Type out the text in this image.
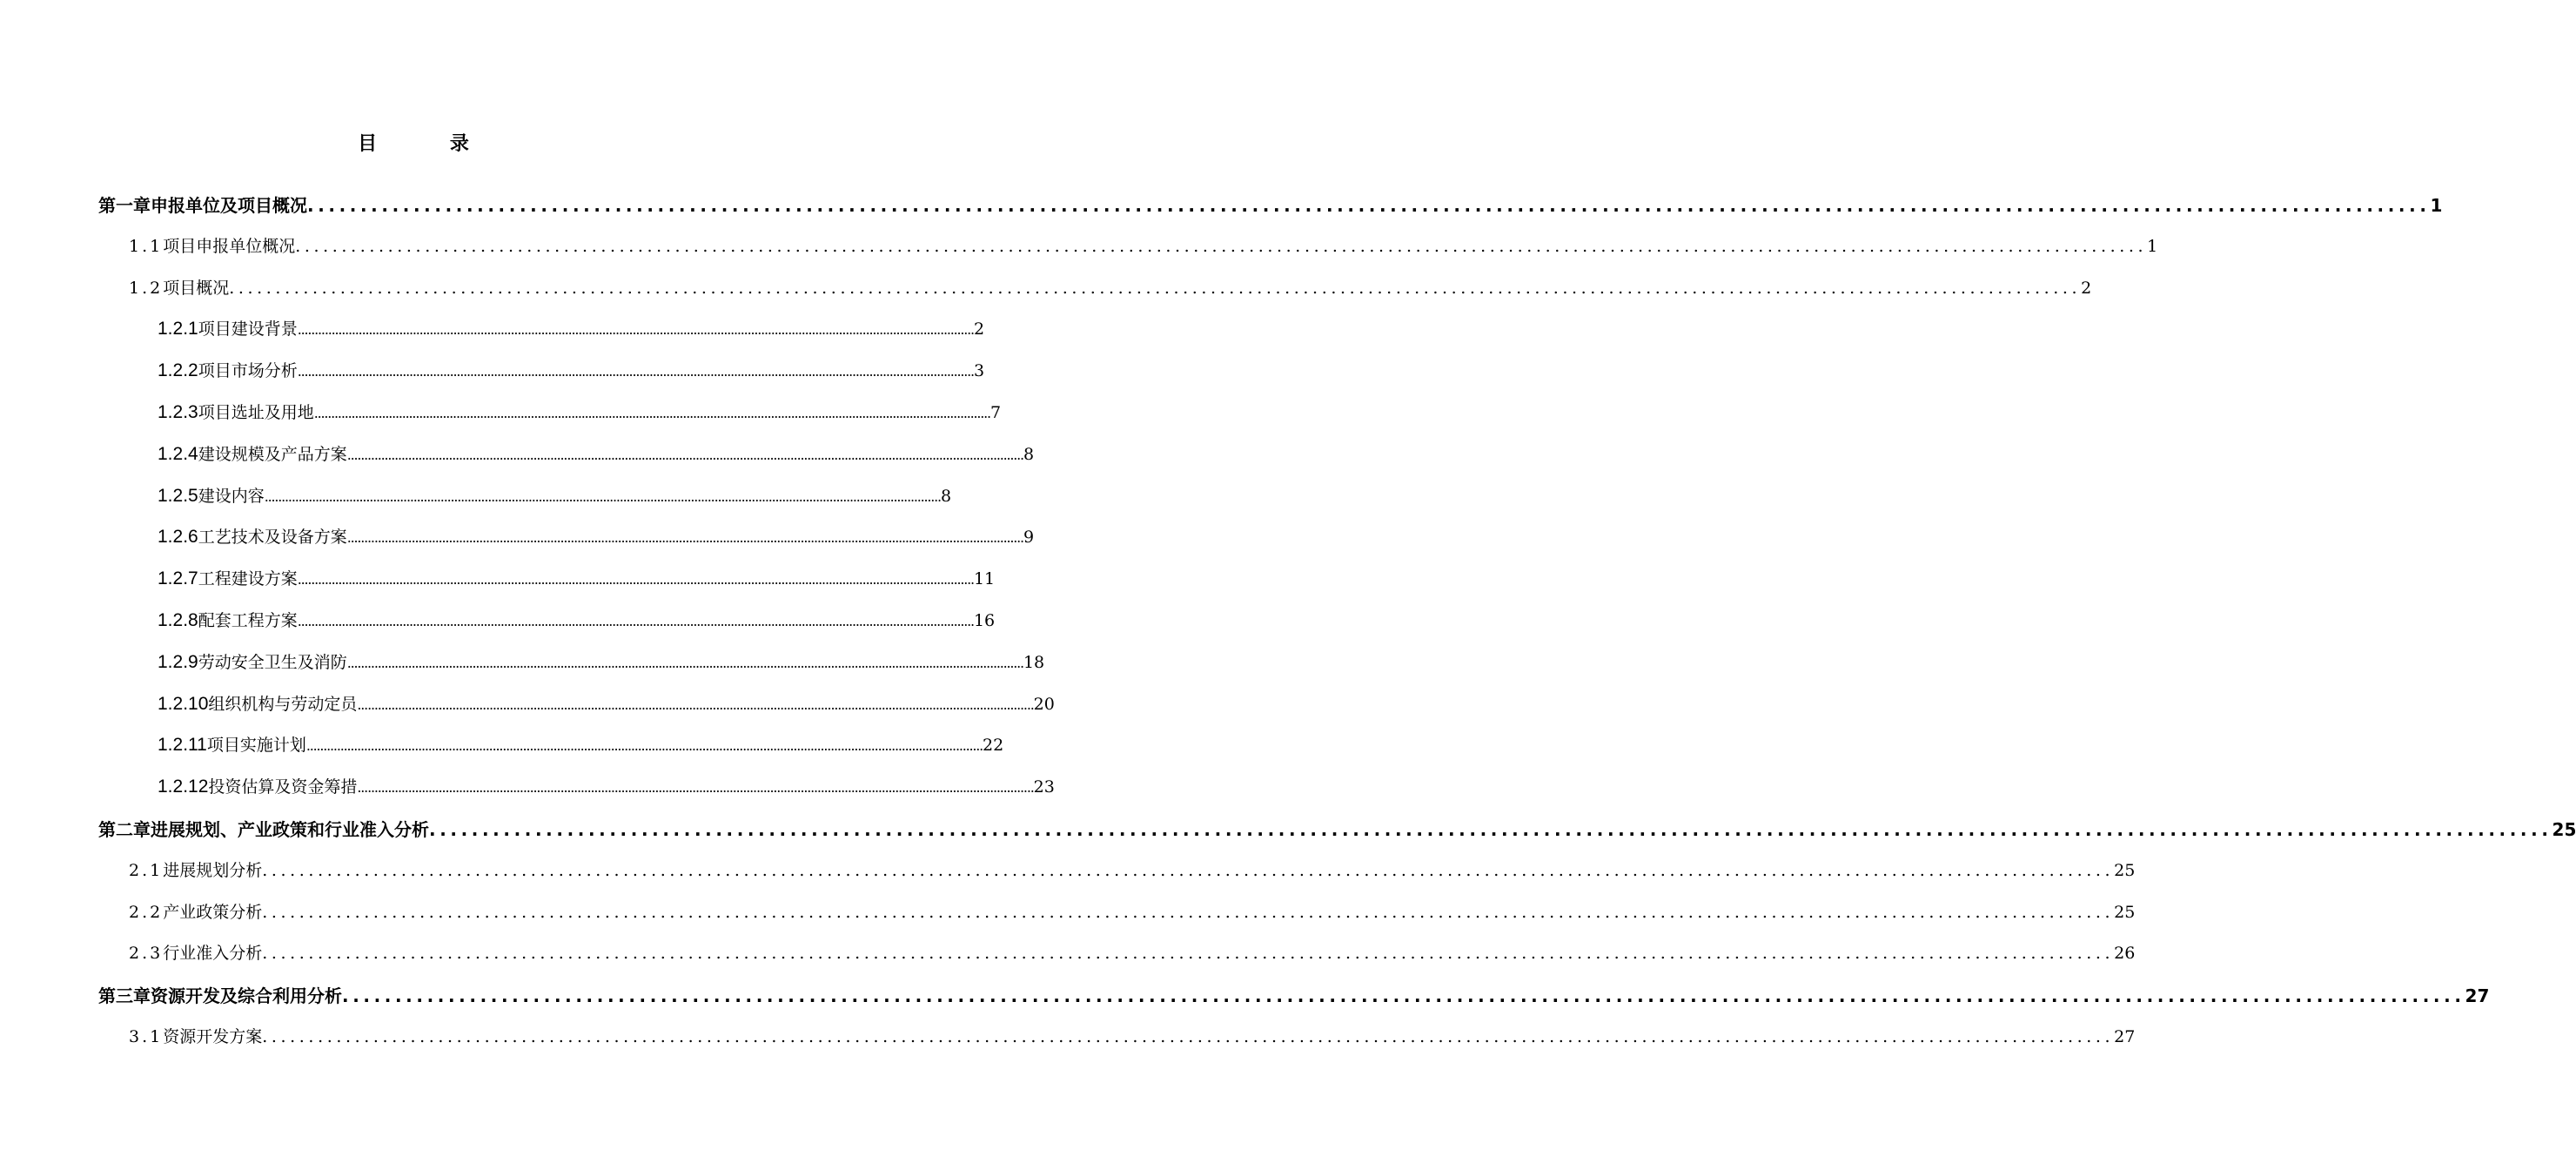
目 录
第一章 申报单位及项目概况 ........................................................................................................................................................................................................ 1
1.1 项目申报单位概况 ........................................................................................................................................................................................................ 1
1.2 项目概况 ........................................................................................................................................................................................................ 2
1.2.1 项目建设背景 ........................................................................................................................................................................................................ 2
1.2.2 项目市场分析 ........................................................................................................................................................................................................ 3
1.2.3 项目选址及用地 ........................................................................................................................................................................................................ 7
1.2.4 建设规模及产品方案 ........................................................................................................................................................................................................ 8
1.2.5 建设内容 ........................................................................................................................................................................................................ 8
1.2.6 工艺技术及设备方案 ........................................................................................................................................................................................................ 9
1.2.7 工程建设方案 ........................................................................................................................................................................................................ 11
1.2.8 配套工程方案 ........................................................................................................................................................................................................ 16
1.2.9 劳动安全卫生及消防 ........................................................................................................................................................................................................ 18
1.2.10 组织机构与劳动定员 ........................................................................................................................................................................................................ 20
1.2.11 项目实施计划 ........................................................................................................................................................................................................ 22
1.2.12 投资估算及资金筹措 ........................................................................................................................................................................................................ 23
第二章 进展规划、产业政策和行业准入分析 ........................................................................................................................................................................................................ 25
2.1 进展规划分析 ........................................................................................................................................................................................................ 25
2.2 产业政策分析 ........................................................................................................................................................................................................ 25
2.3 行业准入分析 ........................................................................................................................................................................................................ 26
第三章 资源开发及综合利用分析 ........................................................................................................................................................................................................ 27
3.1 资源开发方案 ........................................................................................................................................................................................................ 27
